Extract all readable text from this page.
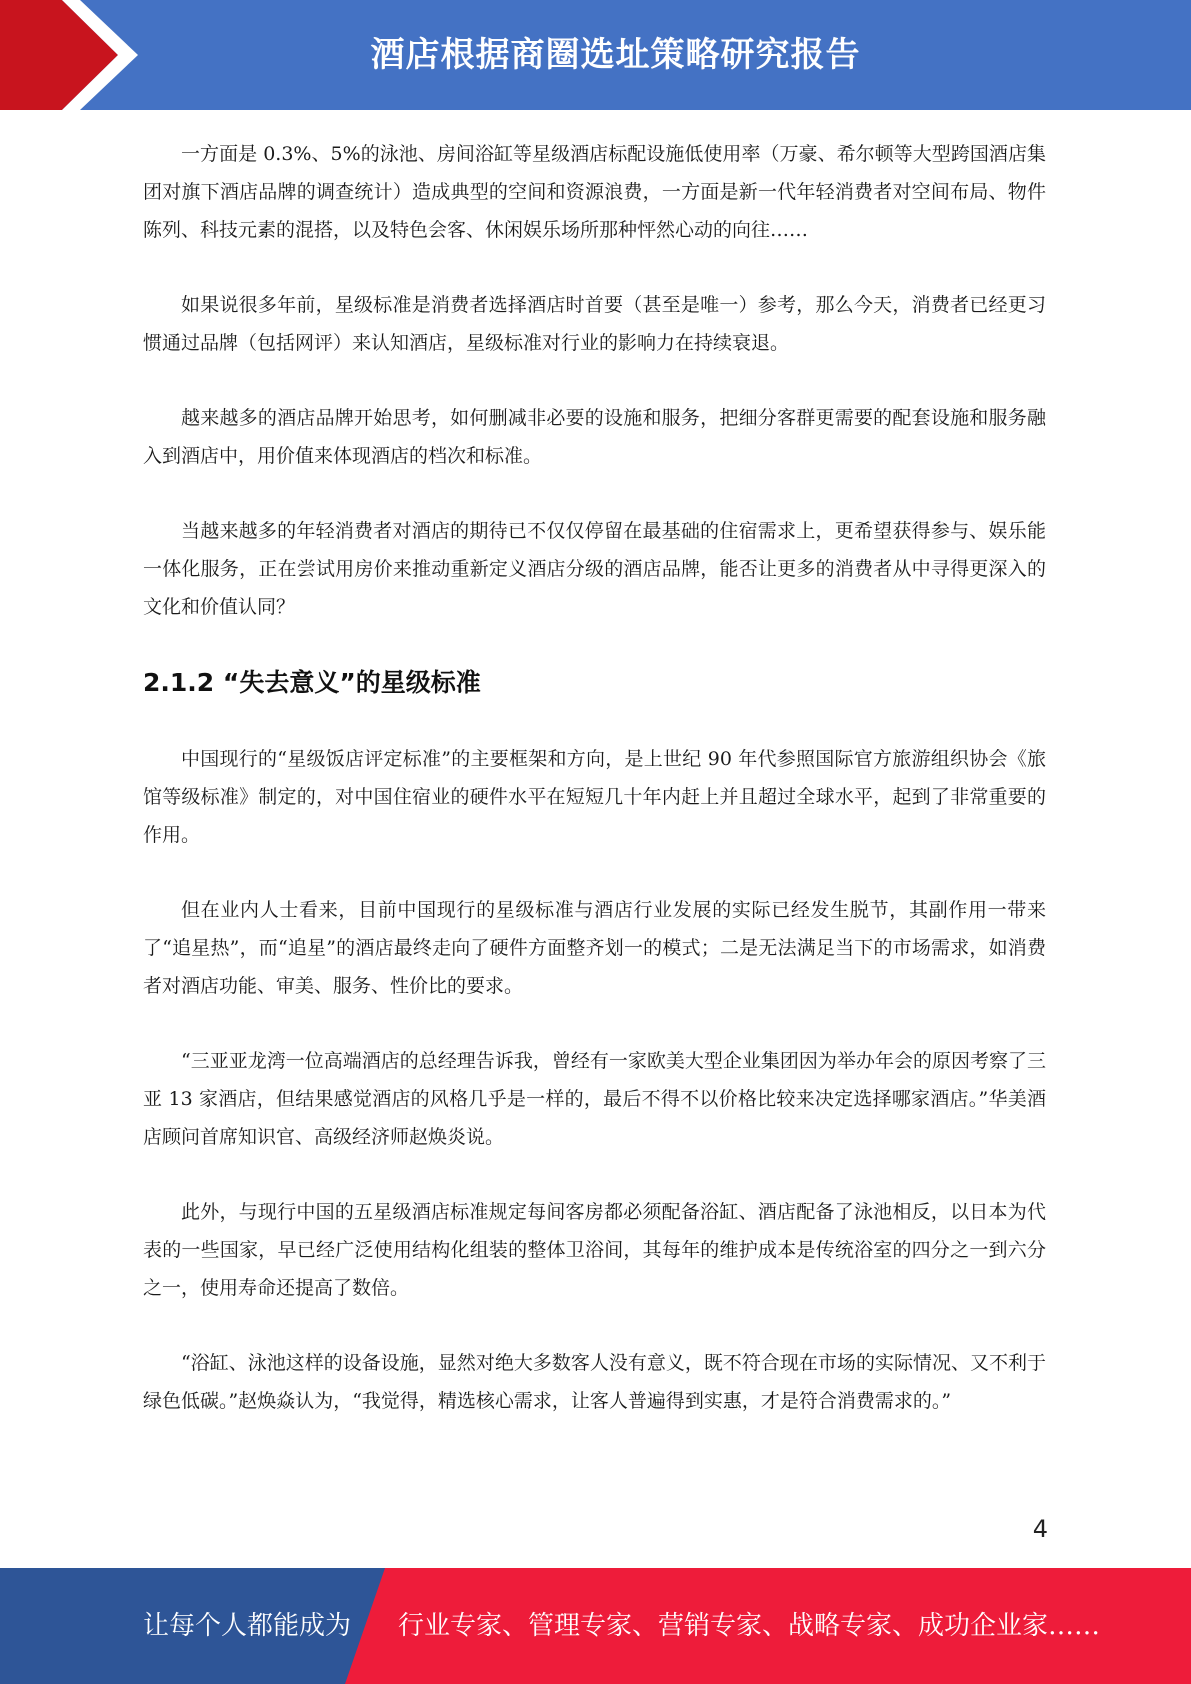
酒店根据商圈选址策略研究报告

一方面是 0.3%、5%的泳池、房间浴缸等星级酒店标配设施低使用率（万豪、希尔顿等大型跨国酒店集团对旗下酒店品牌的调查统计）造成典型的空间和资源浪费，一方面是新一代年轻消费者对空间布局、物件陈列、科技元素的混搭，以及特色会客、休闲娱乐场所那种怦然心动的向往……

如果说很多年前，星级标准是消费者选择酒店时首要（甚至是唯一）参考，那么今天，消费者已经更习惯通过品牌（包括网评）来认知酒店，星级标准对行业的影响力在持续衰退。

越来越多的酒店品牌开始思考，如何删减非必要的设施和服务，把细分客群更需要的配套设施和服务融入到酒店中，用价值来体现酒店的档次和标准。

当越来越多的年轻消费者对酒店的期待已不仅仅停留在最基础的住宿需求上，更希望获得参与、娱乐能一体化服务，正在尝试用房价来推动重新定义酒店分级的酒店品牌，能否让更多的消费者从中寻得更深入的文化和价值认同？

2.1.2 “失去意义”的星级标准

中国现行的“星级饭店评定标准”的主要框架和方向，是上世纪 90 年代参照国际官方旅游组织协会《旅馆等级标准》制定的，对中国住宿业的硬件水平在短短几十年内赶上并且超过全球水平，起到了非常重要的作用。

但在业内人士看来，目前中国现行的星级标准与酒店行业发展的实际已经发生脱节，其副作用一带来了“追星热”，而“追星”的酒店最终走向了硬件方面整齐划一的模式；二是无法满足当下的市场需求，如消费者对酒店功能、审美、服务、性价比的要求。

“三亚亚龙湾一位高端酒店的总经理告诉我，曾经有一家欧美大型企业集团因为举办年会的原因考察了三亚 13 家酒店，但结果感觉酒店的风格几乎是一样的，最后不得不以价格比较来决定选择哪家酒店。”华美酒店顾问首席知识官、高级经济师赵焕炎说。

此外，与现行中国的五星级酒店标准规定每间客房都必须配备浴缸、酒店配备了泳池相反，以日本为代表的一些国家，早已经广泛使用结构化组装的整体卫浴间，其每年的维护成本是传统浴室的四分之一到六分之一，使用寿命还提高了数倍。

“浴缸、泳池这样的设备设施，显然对绝大多数客人没有意义，既不符合现在市场的实际情况、又不利于绿色低碳。”赵焕焱认为，“我觉得，精选核心需求，让客人普遍得到实惠，才是符合消费需求的。”

4
让每个人都能成为 行业专家、管理专家、营销专家、战略专家、成功企业家……
